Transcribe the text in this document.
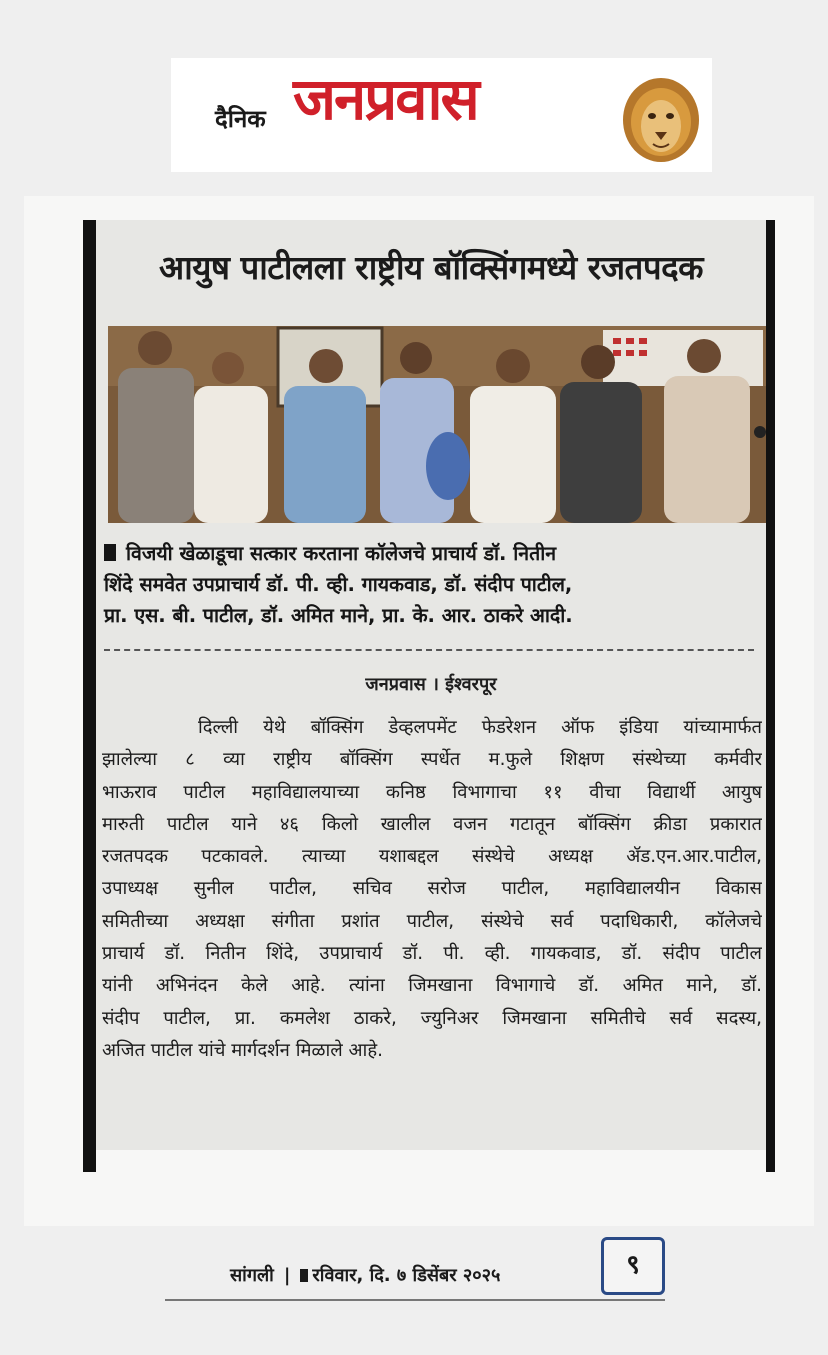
दैनिक जनप्रवास
आयुष पाटीलला राष्ट्रीय बॉक्सिंगमध्ये रजतपदक
विजयी खेळाडूचा सत्कार करताना कॉलेजचे प्राचार्य डॉ. नितीन
शिंदे समवेत उपप्राचार्य डॉ. पी. व्ही. गायकवाड, डॉ. संदीप पाटील,
प्रा. एस. बी. पाटील, डॉ. अमित माने, प्रा. के. आर. ठाकरे आदी.
जनप्रवास । ईश्वरपूर
दिल्ली येथे बॉक्सिंग डेव्हलपमेंट फेडरेशन ऑफ इंडिया यांच्यामार्फत
झालेल्या ८ व्या राष्ट्रीय बॉक्सिंग स्पर्धेत म.फुले शिक्षण संस्थेच्या कर्मवीर
भाऊराव पाटील महाविद्यालयाच्या कनिष्ठ विभागाचा ११ वीचा विद्यार्थी आयुष
मारुती पाटील याने ४६ किलो खालील वजन गटातून बॉक्सिंग क्रीडा प्रकारात
रजतपदक पटकावले. त्याच्या यशाबद्दल संस्थेचे अध्यक्ष ॲड.एन.आर.पाटील,
उपाध्यक्ष सुनील पाटील, सचिव सरोज पाटील, महाविद्यालयीन विकास
समितीच्या अध्यक्षा संगीता प्रशांत पाटील, संस्थेचे सर्व पदाधिकारी, कॉलेजचे
प्राचार्य डॉ. नितीन शिंदे, उपप्राचार्य डॉ. पी. व्ही. गायकवाड, डॉ. संदीप पाटील
यांनी अभिनंदन केले आहे. त्यांना जिमखाना विभागाचे डॉ. अमित माने, डॉ.
संदीप पाटील, प्रा. कमलेश ठाकरे, ज्युनिअर जिमखाना समितीचे सर्व सदस्य,
अजित पाटील यांचे मार्गदर्शन मिळाले आहे.
सांगली | रविवार, दि. ७ डिसेंबर २०२५	९
